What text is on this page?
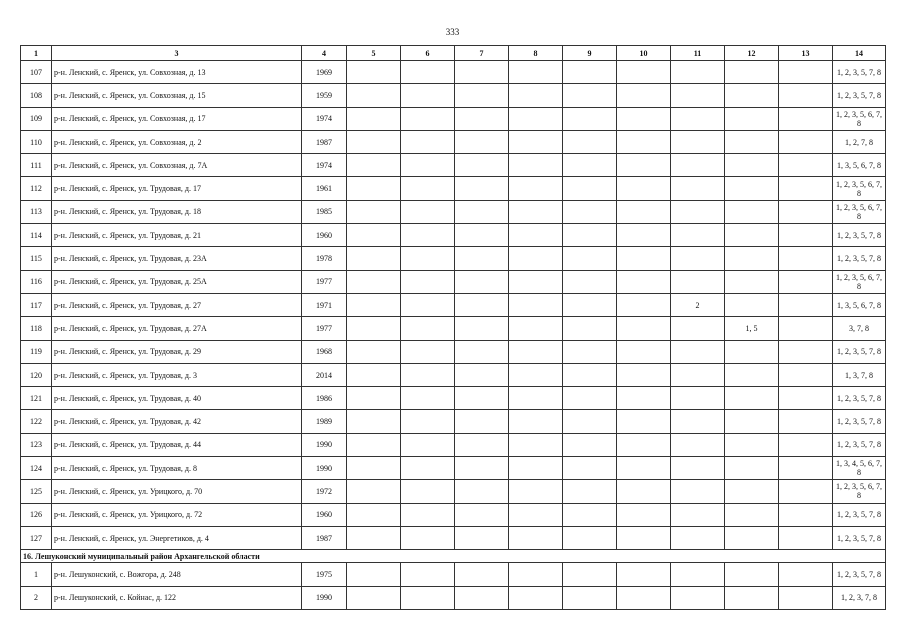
333
1	3	4	5	6	7	8	9	10	11	12	13	14
107	р-н. Ленский, с. Яренск, ул. Совхозная, д. 13	1969										1, 2, 3, 5, 7, 8
108	р-н. Ленский, с. Яренск, ул. Совхозная, д. 15	1959										1, 2, 3, 5, 7, 8
109	р-н. Ленский, с. Яренск, ул. Совхозная, д. 17	1974										1, 2, 3, 5, 6, 7, 8
110	р-н. Ленский, с. Яренск, ул. Совхозная, д. 2	1987										1, 2, 7, 8
111	р-н. Ленский, с. Яренск, ул. Совхозная, д. 7А	1974										1, 3, 5, 6, 7, 8
112	р-н. Ленский, с. Яренск, ул. Трудовая, д. 17	1961										1, 2, 3, 5, 6, 7, 8
113	р-н. Ленский, с. Яренск, ул. Трудовая, д. 18	1985										1, 2, 3, 5, 6, 7, 8
114	р-н. Ленский, с. Яренск, ул. Трудовая, д. 21	1960										1, 2, 3, 5, 7, 8
115	р-н. Ленский, с. Яренск, ул. Трудовая, д. 23А	1978										1, 2, 3, 5, 7, 8
116	р-н. Ленский, с. Яренск, ул. Трудовая, д. 25А	1977										1, 2, 3, 5, 6, 7, 8
117	р-н. Ленский, с. Яренск, ул. Трудовая, д. 27	1971							2			1, 3, 5, 6, 7, 8
118	р-н. Ленский, с. Яренск, ул. Трудовая, д. 27А	1977								1, 5		3, 7, 8
119	р-н. Ленский, с. Яренск, ул. Трудовая, д. 29	1968										1, 2, 3, 5, 7, 8
120	р-н. Ленский, с. Яренск, ул. Трудовая, д. 3	2014										1, 3, 7, 8
121	р-н. Ленский, с. Яренск, ул. Трудовая, д. 40	1986										1, 2, 3, 5, 7, 8
122	р-н. Ленский, с. Яренск, ул. Трудовая, д. 42	1989										1, 2, 3, 5, 7, 8
123	р-н. Ленский, с. Яренск, ул. Трудовая, д. 44	1990										1, 2, 3, 5, 7, 8
124	р-н. Ленский, с. Яренск, ул. Трудовая, д. 8	1990										1, 3, 4, 5, 6, 7, 8
125	р-н. Ленский, с. Яренск, ул. Урицкого, д. 70	1972										1, 2, 3, 5, 6, 7, 8
126	р-н. Ленский, с. Яренск, ул. Урицкого, д. 72	1960										1, 2, 3, 5, 7, 8
127	р-н. Ленский, с. Яренск, ул. Энергетиков, д. 4	1987										1, 2, 3, 5, 7, 8
16. Лешуконский муниципальный район Архангельской области												
1	р-н. Лешуконский, с. Вожгора, д. 248	1975										1, 2, 3, 5, 7, 8
2	р-н. Лешуконский, с. Койнас, д. 122	1990										1, 2, 3, 7, 8
